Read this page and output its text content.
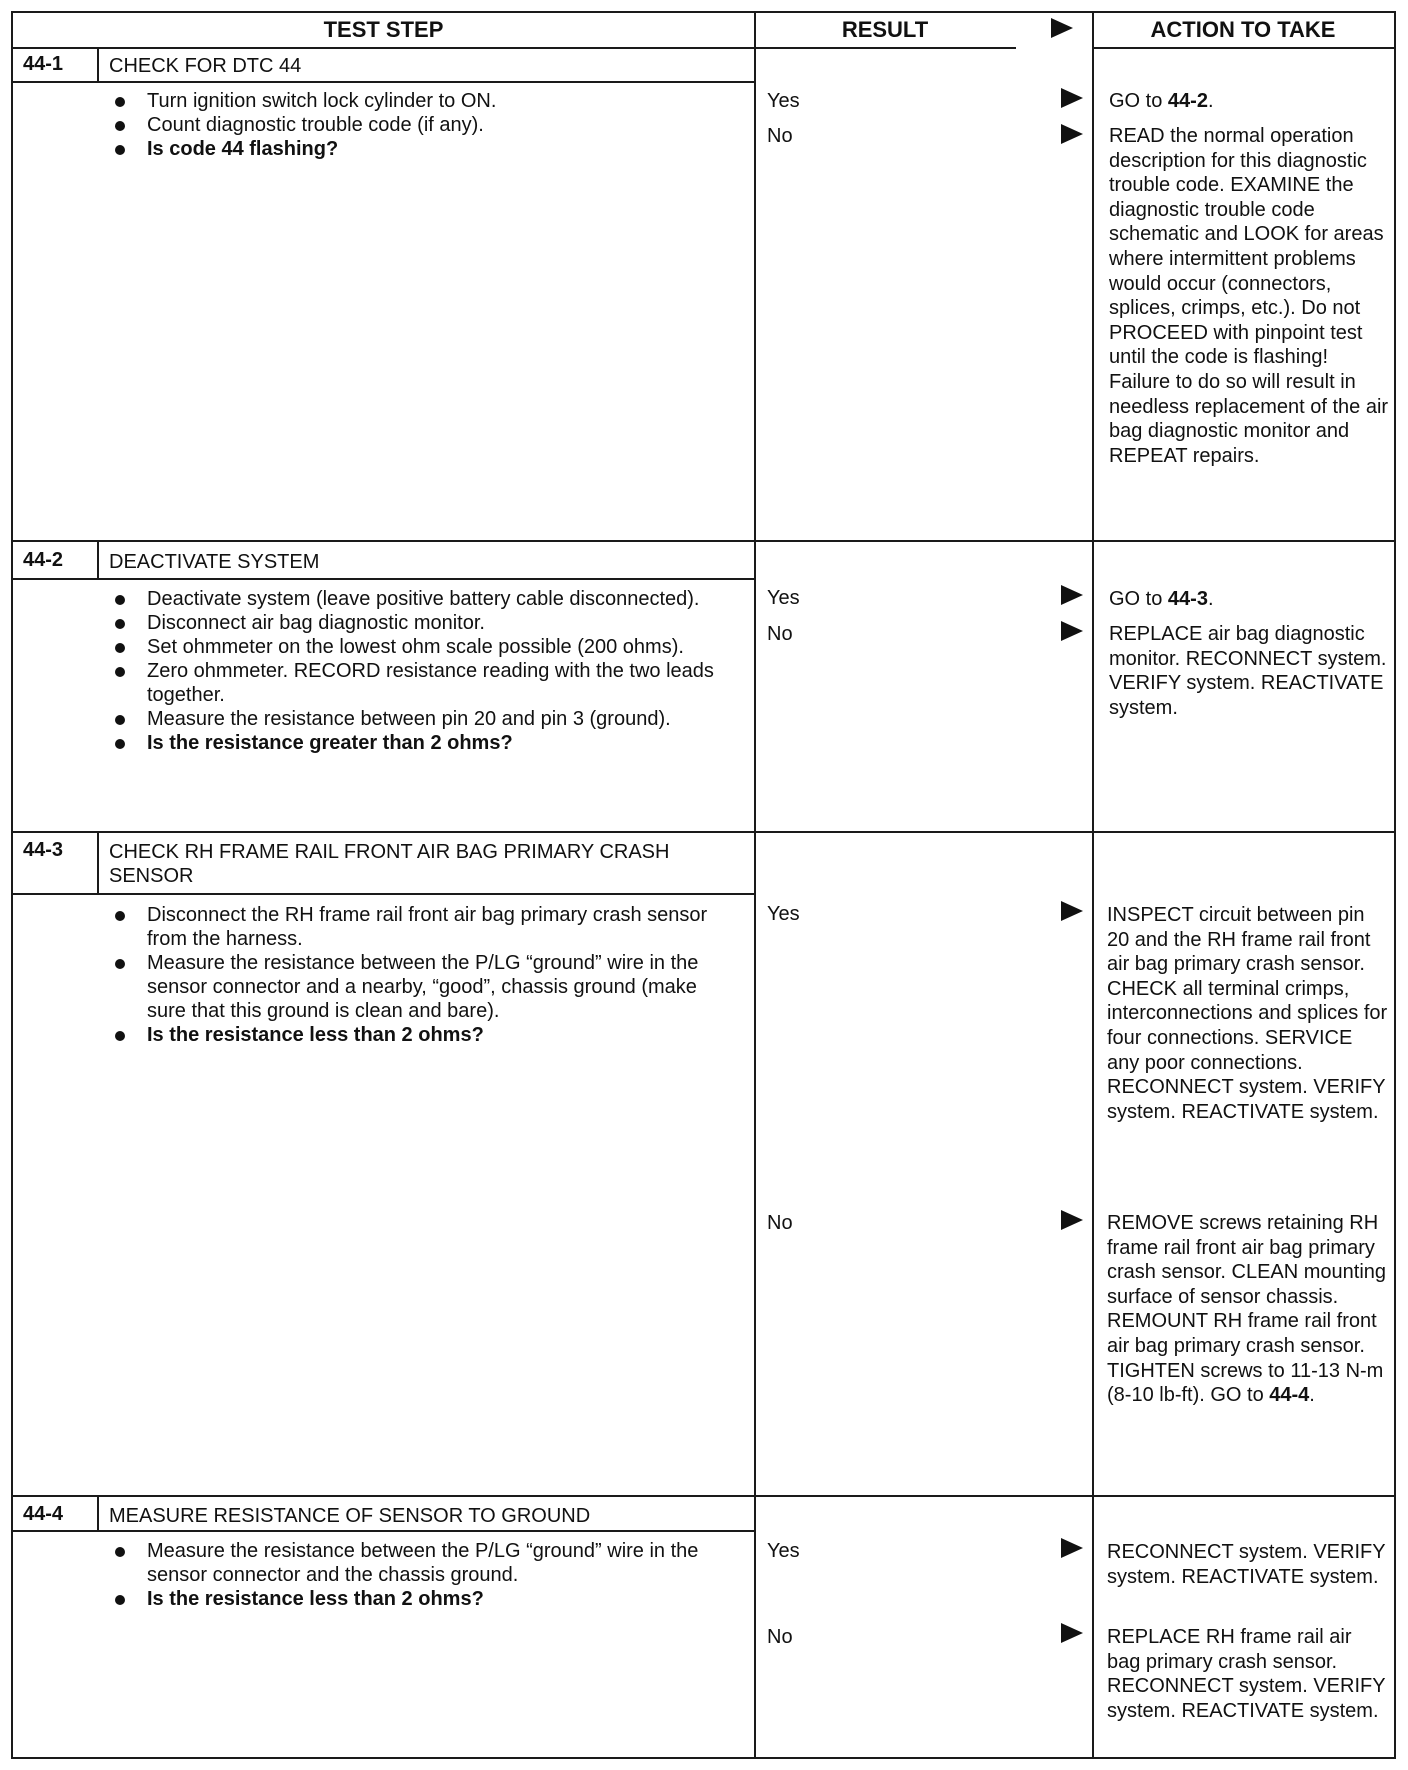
TEST STEP	RESULT	ACTION TO TAKE
44-1 CHECK FOR DTC 44
Turn ignition switch lock cylinder to ON.
Count diagnostic trouble code (if any).
Is code 44 flashing?
Yes	GO to 44-2.
No	READ the normal operation description for this diagnostic trouble code. EXAMINE the diagnostic trouble code schematic and LOOK for areas where intermittent problems would occur (connectors, splices, crimps, etc.). Do not PROCEED with pinpoint test until the code is flashing! Failure to do so will result in needless replacement of the air bag diagnostic monitor and REPEAT repairs.
44-2 DEACTIVATE SYSTEM
Deactivate system (leave positive battery cable disconnected).
Disconnect air bag diagnostic monitor.
Set ohmmeter on the lowest ohm scale possible (200 ohms).
Zero ohmmeter. RECORD resistance reading with the two leads together.
Measure the resistance between pin 20 and pin 3 (ground).
Is the resistance greater than 2 ohms?
Yes	GO to 44-3.
No	REPLACE air bag diagnostic monitor. RECONNECT system. VERIFY system. REACTIVATE system.
44-3 CHECK RH FRAME RAIL FRONT AIR BAG PRIMARY CRASH SENSOR
Disconnect the RH frame rail front air bag primary crash sensor from the harness.
Measure the resistance between the P/LG “ground” wire in the sensor connector and a nearby, “good”, chassis ground (make sure that this ground is clean and bare).
Is the resistance less than 2 ohms?
Yes	INSPECT circuit between pin 20 and the RH frame rail front air bag primary crash sensor. CHECK all terminal crimps, interconnections and splices for four connections. SERVICE any poor connections. RECONNECT system. VERIFY system. REACTIVATE system.
No	REMOVE screws retaining RH frame rail front air bag primary crash sensor. CLEAN mounting surface of sensor chassis. REMOUNT RH frame rail front air bag primary crash sensor. TIGHTEN screws to 11-13 N-m (8-10 lb-ft). GO to 44-4.
44-4 MEASURE RESISTANCE OF SENSOR TO GROUND
Measure the resistance between the P/LG “ground” wire in the sensor connector and the chassis ground.
Is the resistance less than 2 ohms?
Yes	RECONNECT system. VERIFY system. REACTIVATE system.
No	REPLACE RH frame rail air bag primary crash sensor. RECONNECT system. VERIFY system. REACTIVATE system.
